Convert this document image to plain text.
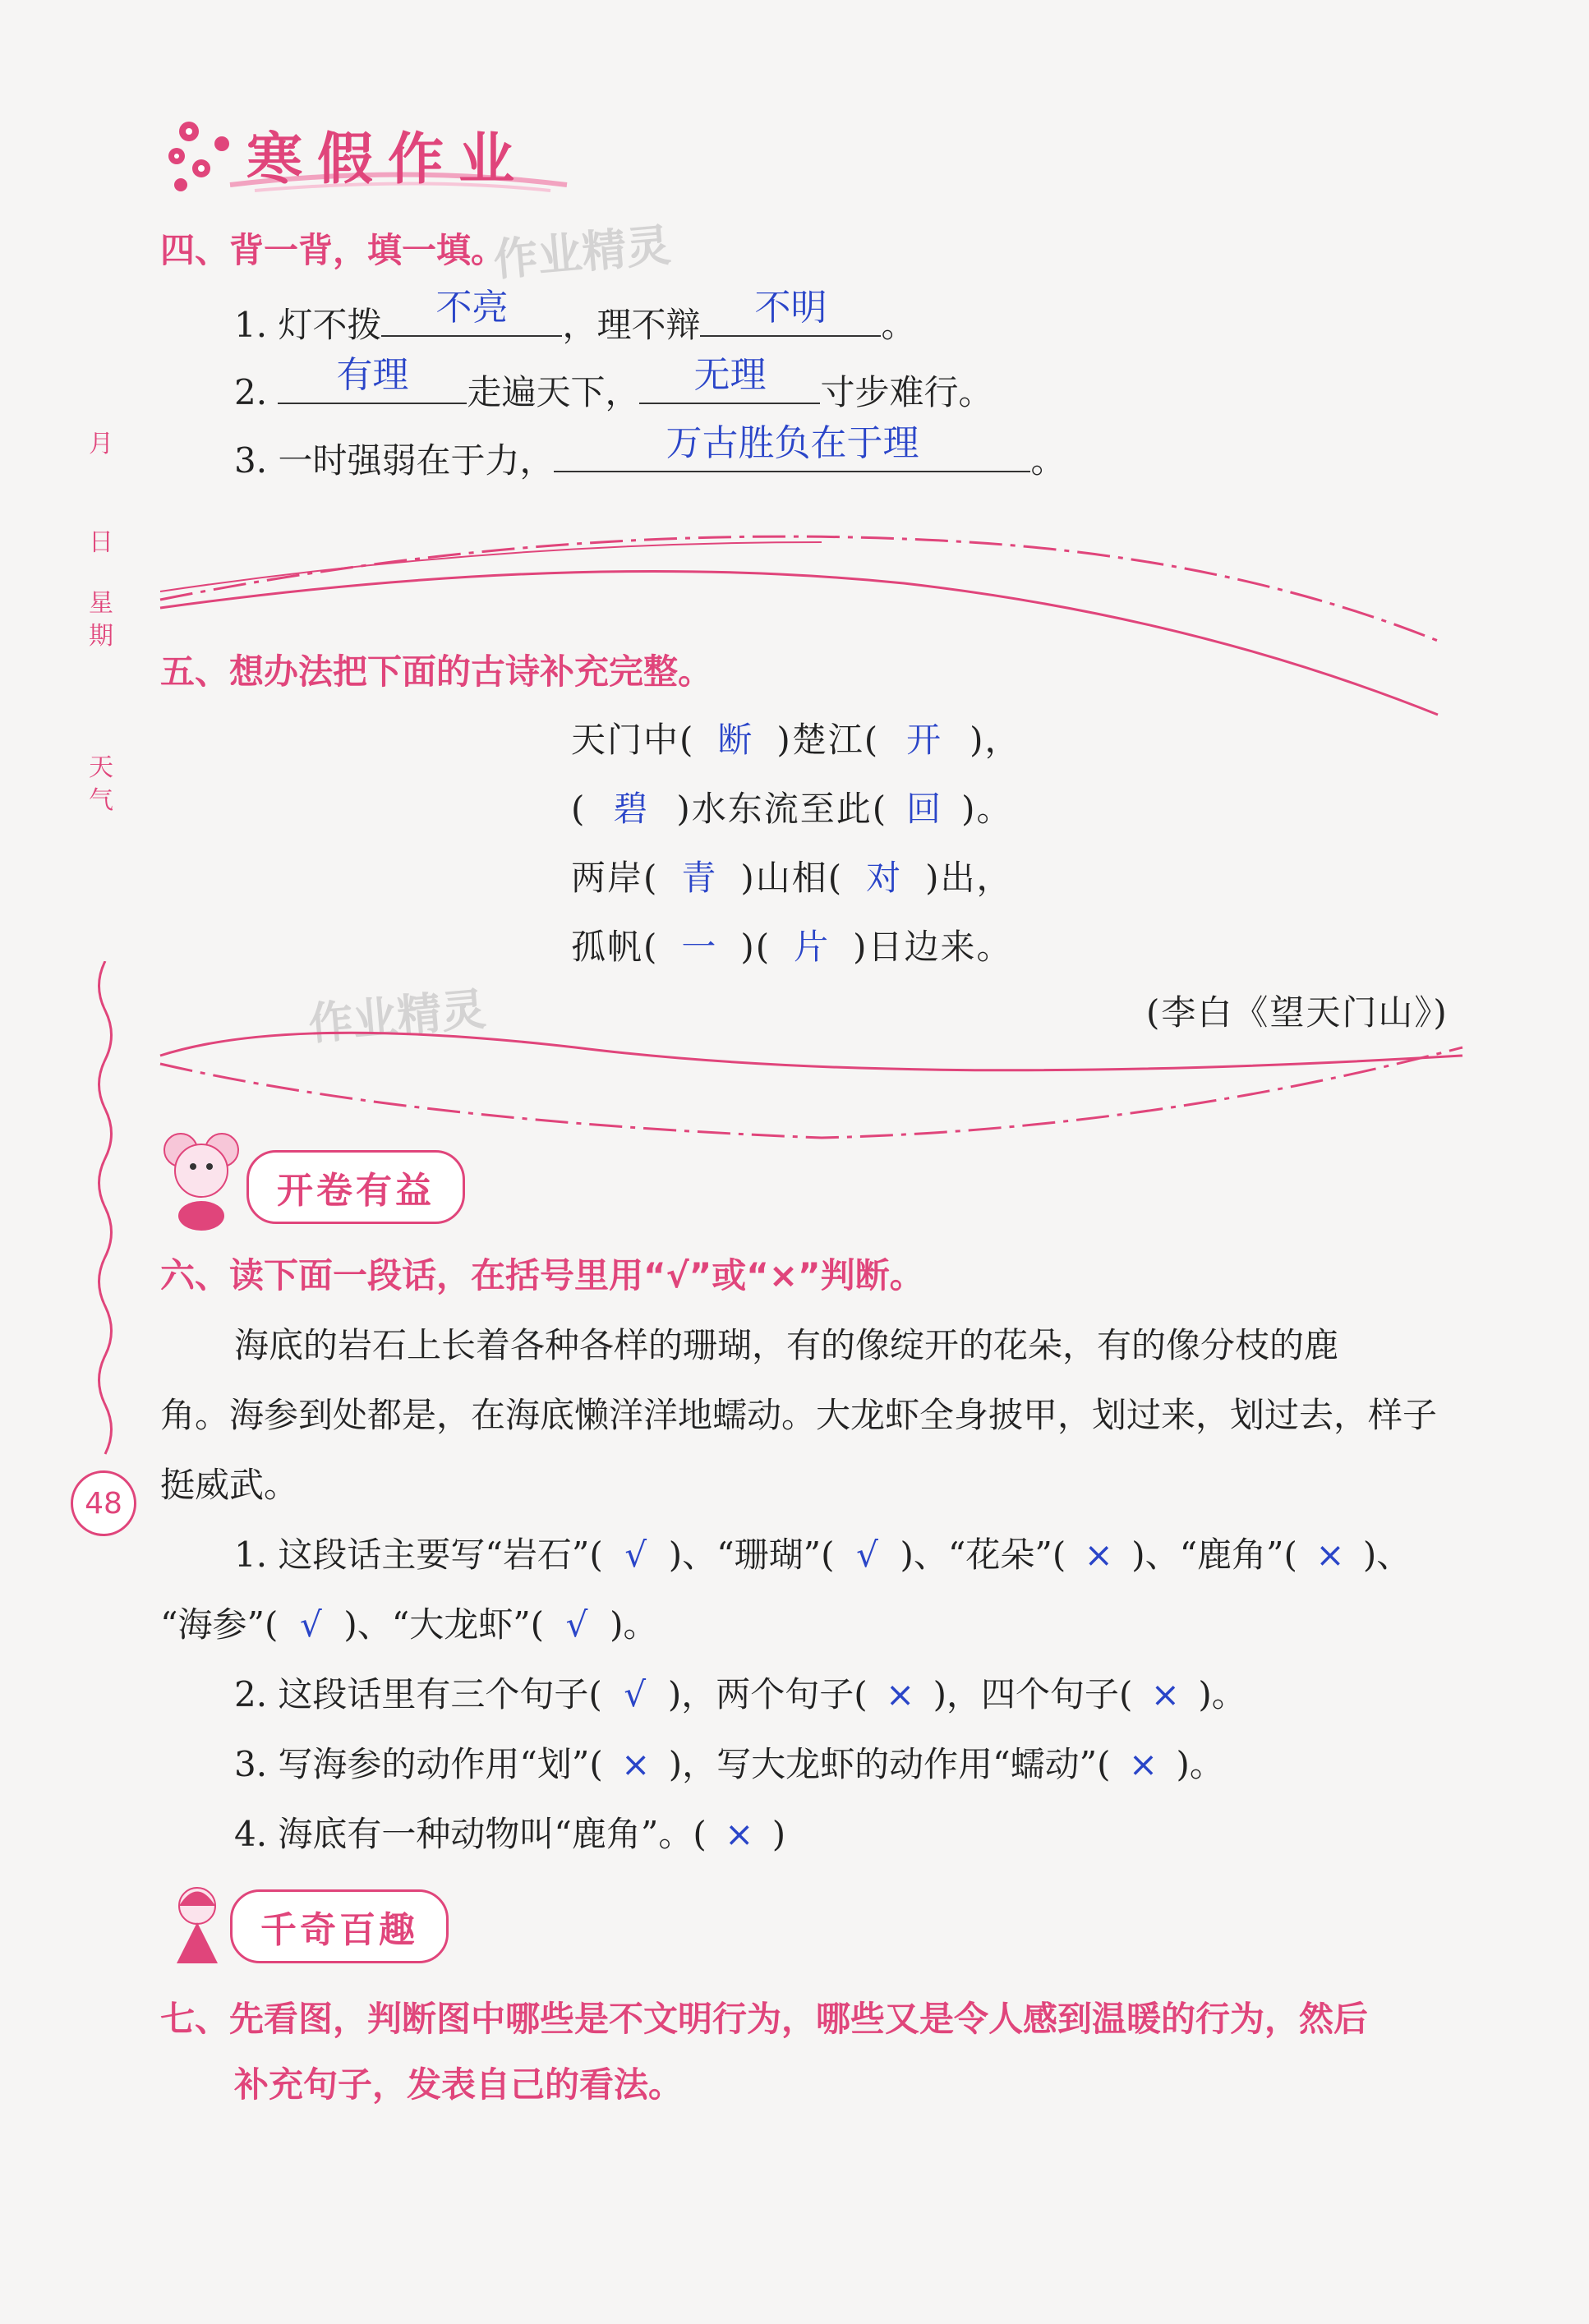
寒假作业
月
日
星期
天气
48
作业精灵
作业精灵
四、背一背，填一填。
1. 灯不拨	不亮	，理不辩	不明	。
2.	有理	走遍天下，	无理	寸步难行。
3. 一时强弱在于力，	万古胜负在于理	。
五、想办法把下面的古诗补充完整。
天门中( 断 )楚江( 开 )，
( 碧 )水东流至此( 回 )。
两岸( 青 )山相( 对 )出，
孤帆( 一 )( 片 )日边来。
(李白《望天门山》)
开卷有益
六、读下面一段话，在括号里用“√”或“×”判断。
海底的岩石上长着各种各样的珊瑚，有的像绽开的花朵，有的像分枝的鹿
角。海参到处都是，在海底懒洋洋地蠕动。大龙虾全身披甲，划过来，划过去，样子
挺威武。
1. 这段话主要写“岩石”( √ )、“珊瑚”( √ )、“花朵”( × )、“鹿角”( × )、
“海参”( √ )、“大龙虾”( √ )。
2. 这段话里有三个句子( √ )，两个句子( × )，四个句子( × )。
3. 写海参的动作用“划”( × )，写大龙虾的动作用“蠕动”( × )。
4. 海底有一种动物叫“鹿角”。( × )
千奇百趣
七、先看图，判断图中哪些是不文明行为，哪些又是令人感到温暖的行为，然后
补充句子，发表自己的看法。
